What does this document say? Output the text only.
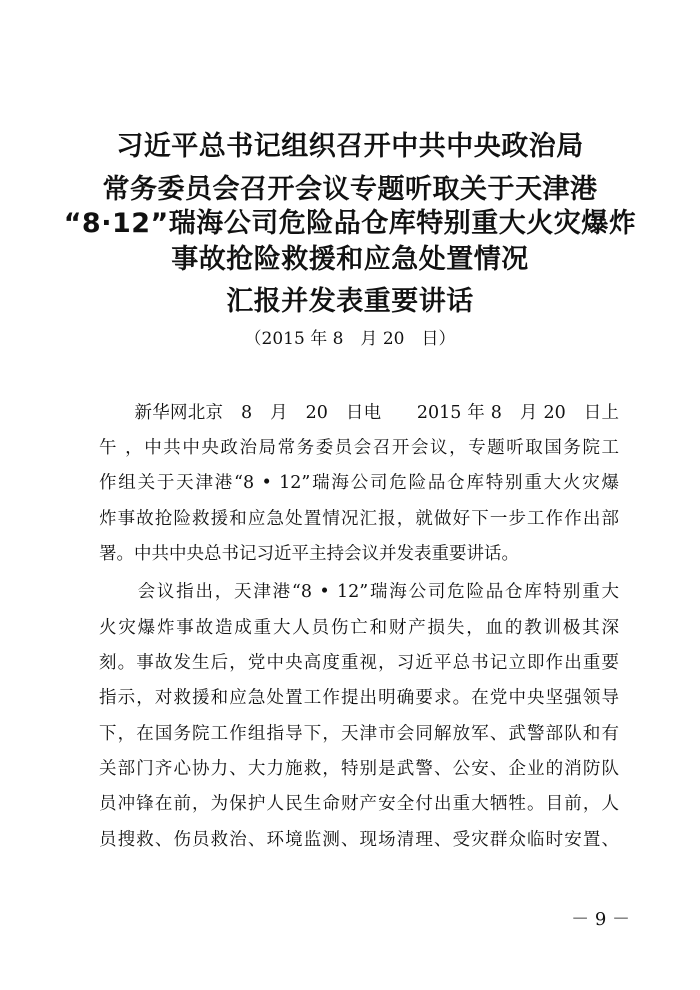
习近平总书记组织召开中共中央政治局
常务委员会召开会议专题听取关于天津港
“8·12”瑞海公司危险品仓库特别重大火灾爆炸
事故抢险救援和应急处置情况
汇报并发表重要讲话
（2015 年 8　月 20　日）
　　新华网北京　8　月　20　日电　　2015 年 8　月 20　日上
午 ，中共中央政治局常务委员会召开会议，专题听取国务院工
作组关于天津港“8 • 12”瑞海公司危险品仓库特别重大火灾爆
炸事故抢险救援和应急处置情况汇报，就做好下一步工作作出部
署。中共中央总书记习近平主持会议并发表重要讲话。
　　会议指出，天津港“8 • 12”瑞海公司危险品仓库特别重大
火灾爆炸事故造成重大人员伤亡和财产损失，血的教训极其深
刻。事故发生后，党中央高度重视，习近平总书记立即作出重要
指示，对救援和应急处置工作提出明确要求。在党中央坚强领导
下，在国务院工作组指导下，天津市会同解放军、武警部队和有
关部门齐心协力、大力施救，特别是武警、公安、企业的消防队
员冲锋在前，为保护人民生命财产安全付出重大牺牲。目前，人
员搜救、伤员救治、环境监测、现场清理、受灾群众临时安置、
－ 9 －
